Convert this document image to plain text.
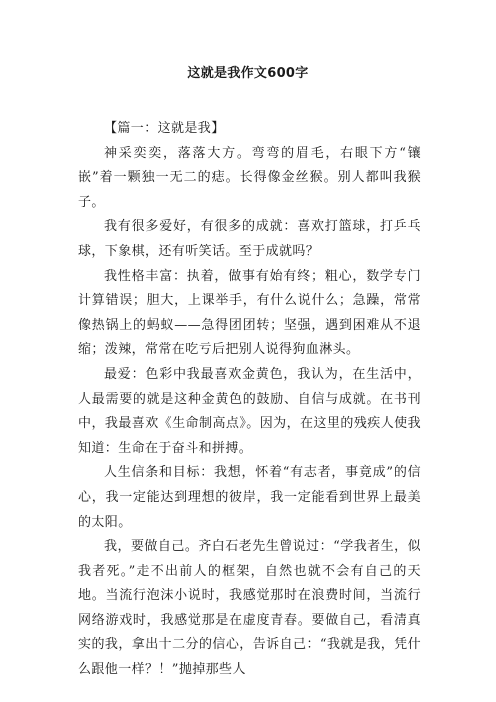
这就是我作文600字

【篇一：这就是我】

神采奕奕，落落大方。弯弯的眉毛，右眼下方“镶嵌”着一颗独一无二的痣。长得像金丝猴。别人都叫我猴子。

我有很多爱好，有很多的成就：喜欢打篮球，打乒乓球，下象棋，还有听笑话。至于成就吗？

我性格丰富：执着，做事有始有终；粗心，数学专门计算错误；胆大，上课举手，有什么说什么；急躁，常常像热锅上的蚂蚁——急得团团转；坚强，遇到困难从不退缩；泼辣，常常在吃亏后把别人说得狗血淋头。

最爱：色彩中我最喜欢金黄色，我认为，在生活中，人最需要的就是这种金黄色的鼓励、自信与成就。在书刊中，我最喜欢《生命制高点》。因为，在这里的残疾人使我知道：生命在于奋斗和拼搏。

人生信条和目标：我想，怀着“有志者，事竟成”的信心，我一定能达到理想的彼岸，我一定能看到世界上最美的太阳。

我，要做自己。齐白石老先生曾说过：“学我者生，似我者死。”走不出前人的框架，自然也就不会有自己的天地。当流行泡沫小说时，我感觉那时在浪费时间，当流行网络游戏时，我感觉那是在虚度青春。要做自己，看清真实的我，拿出十二分的信心，告诉自己：“我就是我，凭什么跟他一样？！”抛掉那些人
